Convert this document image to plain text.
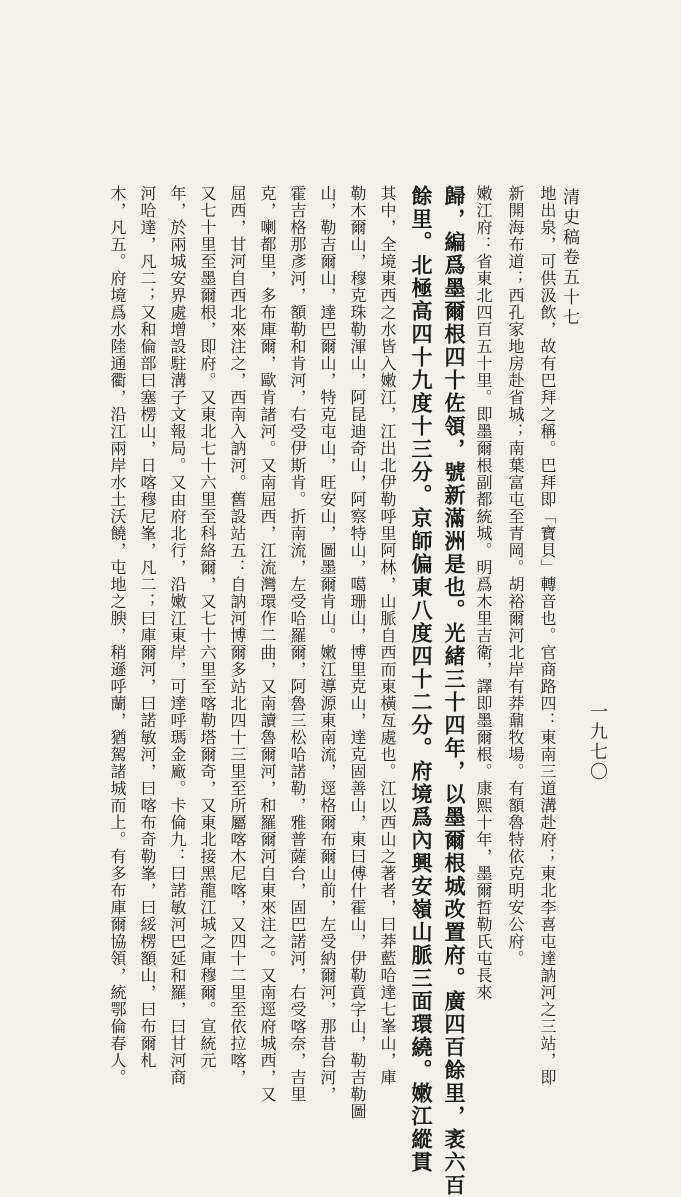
清史稿卷五十七
一九七〇
地出泉，可供汲飲，故有巴拜之稱。巴拜即「寶貝」轉音也。官商路四：東南三道溝赴府；東北李喜屯達訥河之三站，即
新開海布道；西孔家地房赴省城；南葉富屯至青岡。胡裕爾河北岸有莽鼐牧場。有額魯特依克明安公府。
嫩江府：省東北四百五十里。即墨爾根副都統城。明爲木里吉衛，譯即墨爾根。康熙十年，墨爾哲勒氏屯長來
歸，編爲墨爾根四十佐領，號新滿洲是也。光緒三十四年，以墨爾根城改置府。廣四百餘里，袤六百
餘里。北極高四十九度十三分。京師偏東八度四十二分。府境爲內興安嶺山脈三面環繞。嫩江縱貫
其中，全境東西之水皆入嫩江，江出北伊勒呼里阿林，山脈自西而東橫亙處也。江以西山之著者，曰莽藍哈達七峯山，庫
勒木爾山，穆克珠勒渾山，阿昆迪奇山，阿察特山，噶珊山，博里克山，達克固善山，東曰傅什霍山，伊勒賁字山，勒吉勒圖
山，勒吉爾山，達巴爾山，特克屯山，旺安山，圖墨爾肯山。嫩江導源東南流，逕格爾布爾山前，左受納爾河，那昔台河，
霍吉格那彥河，額勒和肯河，右受伊斯肯。折南流，左受哈羅爾，阿魯三松哈諾勒，雅普薩台，固巴諾河，右受喀奈，吉里
克，喇都里，多布庫爾，歐肯諸河。又南屈西，江流灣環作二曲，又南讀魯爾河，和羅爾河自東來注之。又南逕府城西，又
屈西，甘河自西北來注之，西南入訥河。舊設站五：自訥河博爾多站北四十三里至所屬喀木尼喀，又四十二里至依拉喀，
又七十里至墨爾根，即府。又東北七十六里至科絡爾，又七十六里至喀勒塔爾奇，又東北接黑龍江城之庫穆爾。宣統元
年，於兩城安界處增設駐溝子文報局。又由府北行，沿嫩江東岸，可達呼瑪金廠。卡倫九：曰諾敏河巴延和羅，曰甘河商
河哈達，凡二；又和倫部曰塞楞山，日喀穆尼峯，凡二；曰庫爾河，曰諾敏河，曰喀布奇勒峯，曰綏楞額山，曰布爾札
木，凡五。府境爲水陸通衢，沿江兩岸水土沃饒，屯地之腴，稍遜呼蘭，猶駕諸城而上。有多布庫爾協領，統鄂倫春人。
